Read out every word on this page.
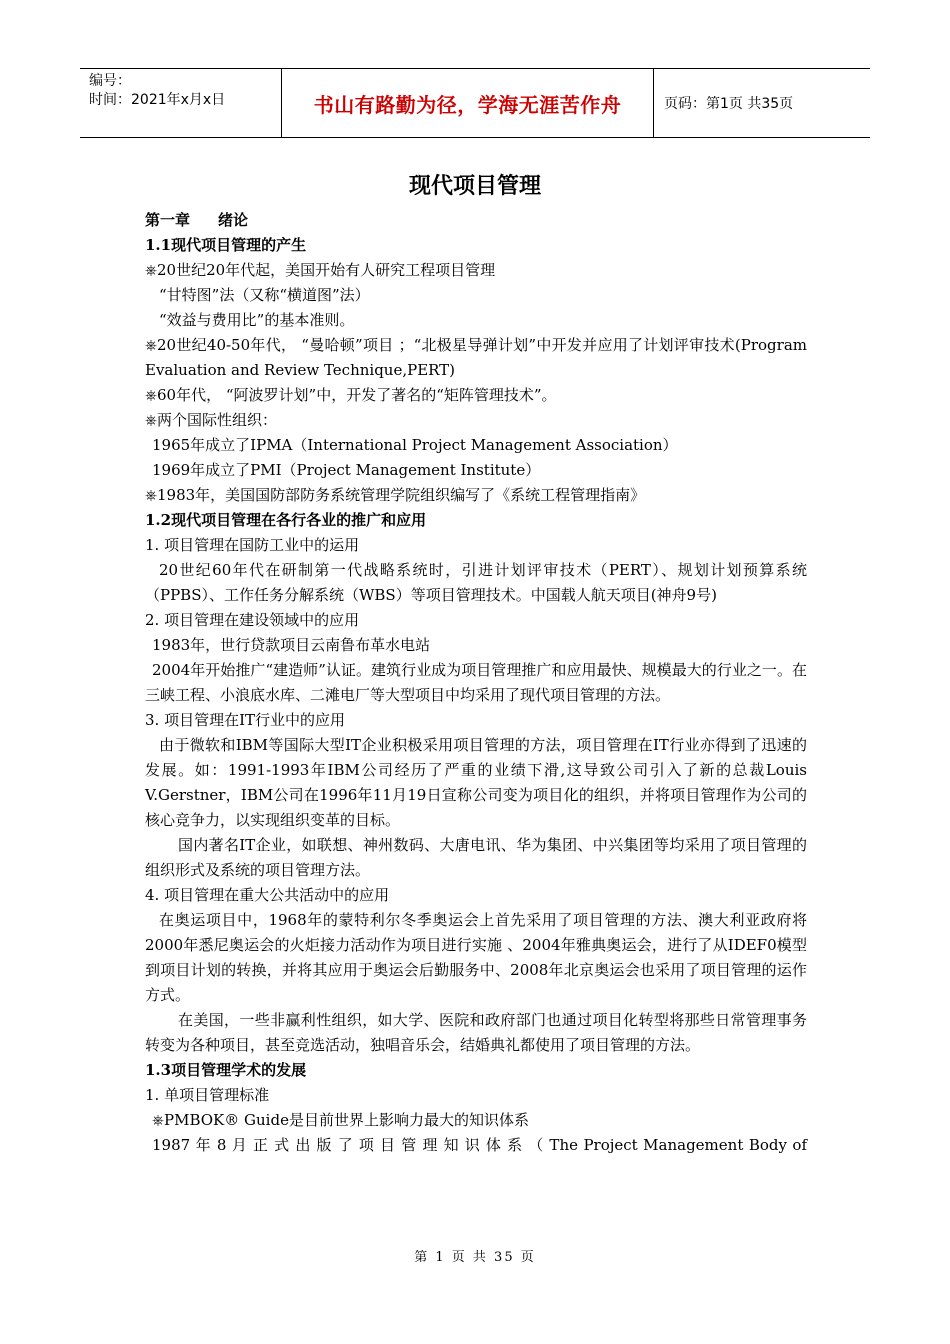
编号：
时间：2021年x月x日	书山有路勤为径，学海无涯苦作舟	页码：第1页 共35页
现代项目管理

第一章 绪论

1.1现代项目管理的产生

⎈20世纪20年代起，美国开始有人研究工程项目管理

“甘特图”法（又称“横道图”法）

“效益与费用比”的基本准则。

⎈20世纪40-50年代， “曼哈顿”项目 ；“北极星导弹计划”中开发并应用了计划评审技术(Program Evaluation and Review Technique,PERT)

⎈60年代， “阿波罗计划”中，开发了著名的“矩阵管理技术”。

⎈两个国际性组织：

1965年成立了IPMA（International Project Management Association）

1969年成立了PMI（Project Management Institute）

⎈1983年，美国国防部防务系统管理学院组织编写了《系统工程管理指南》

1.2现代项目管理在各行各业的推广和应用

1. 项目管理在国防工业中的运用

20世纪60年代在研制第一代战略系统时，引进计划评审技术（PERT）、规划计划预算系统（PPBS）、工作任务分解系统（WBS）等项目管理技术。中国载人航天项目(神舟9号)

2. 项目管理在建设领域中的应用

1983年，世行贷款项目云南鲁布革水电站

2004年开始推广“建造师”认证。建筑行业成为项目管理推广和应用最快、规模最大的行业之一。在三峡工程、小浪底水库、二滩电厂等大型项目中均采用了现代项目管理的方法。

3. 项目管理在IT行业中的应用

由于微软和IBM等国际大型IT企业积极采用项目管理的方法，项目管理在IT行业亦得到了迅速的发展。如：1991-1993年IBM公司经历了严重的业绩下滑,这导致公司引入了新的总裁Louis V.Gerstner，IBM公司在1996年11月19日宣称公司变为项目化的组织，并将项目管理作为公司的核心竞争力，以实现组织变革的目标。

国内著名IT企业，如联想、神州数码、大唐电讯、华为集团、中兴集团等均采用了项目管理的组织形式及系统的项目管理方法。

4. 项目管理在重大公共活动中的应用

在奥运项目中，1968年的蒙特利尔冬季奥运会上首先采用了项目管理的方法、澳大利亚政府将2000年悉尼奥运会的火炬接力活动作为项目进行实施 、2004年雅典奥运会，进行了从IDEF0模型到项目计划的转换，并将其应用于奥运会后勤服务中、2008年北京奥运会也采用了项目管理的运作方式。

在美国，一些非赢利性组织，如大学、医院和政府部门也通过项目化转型将那些日常管理事务转变为各种项目，甚至竞选活动，独唱音乐会，结婚典礼都使用了项目管理的方法。

1.3项目管理学术的发展

1. 单项目管理标准

⎈PMBOK® Guide是目前世界上影响力最大的知识体系

1987 年 8 月 正 式 出 版 了 项 目 管 理 知 识 体 系 （ The Project Management Body of

第 1 页 共 35 页
